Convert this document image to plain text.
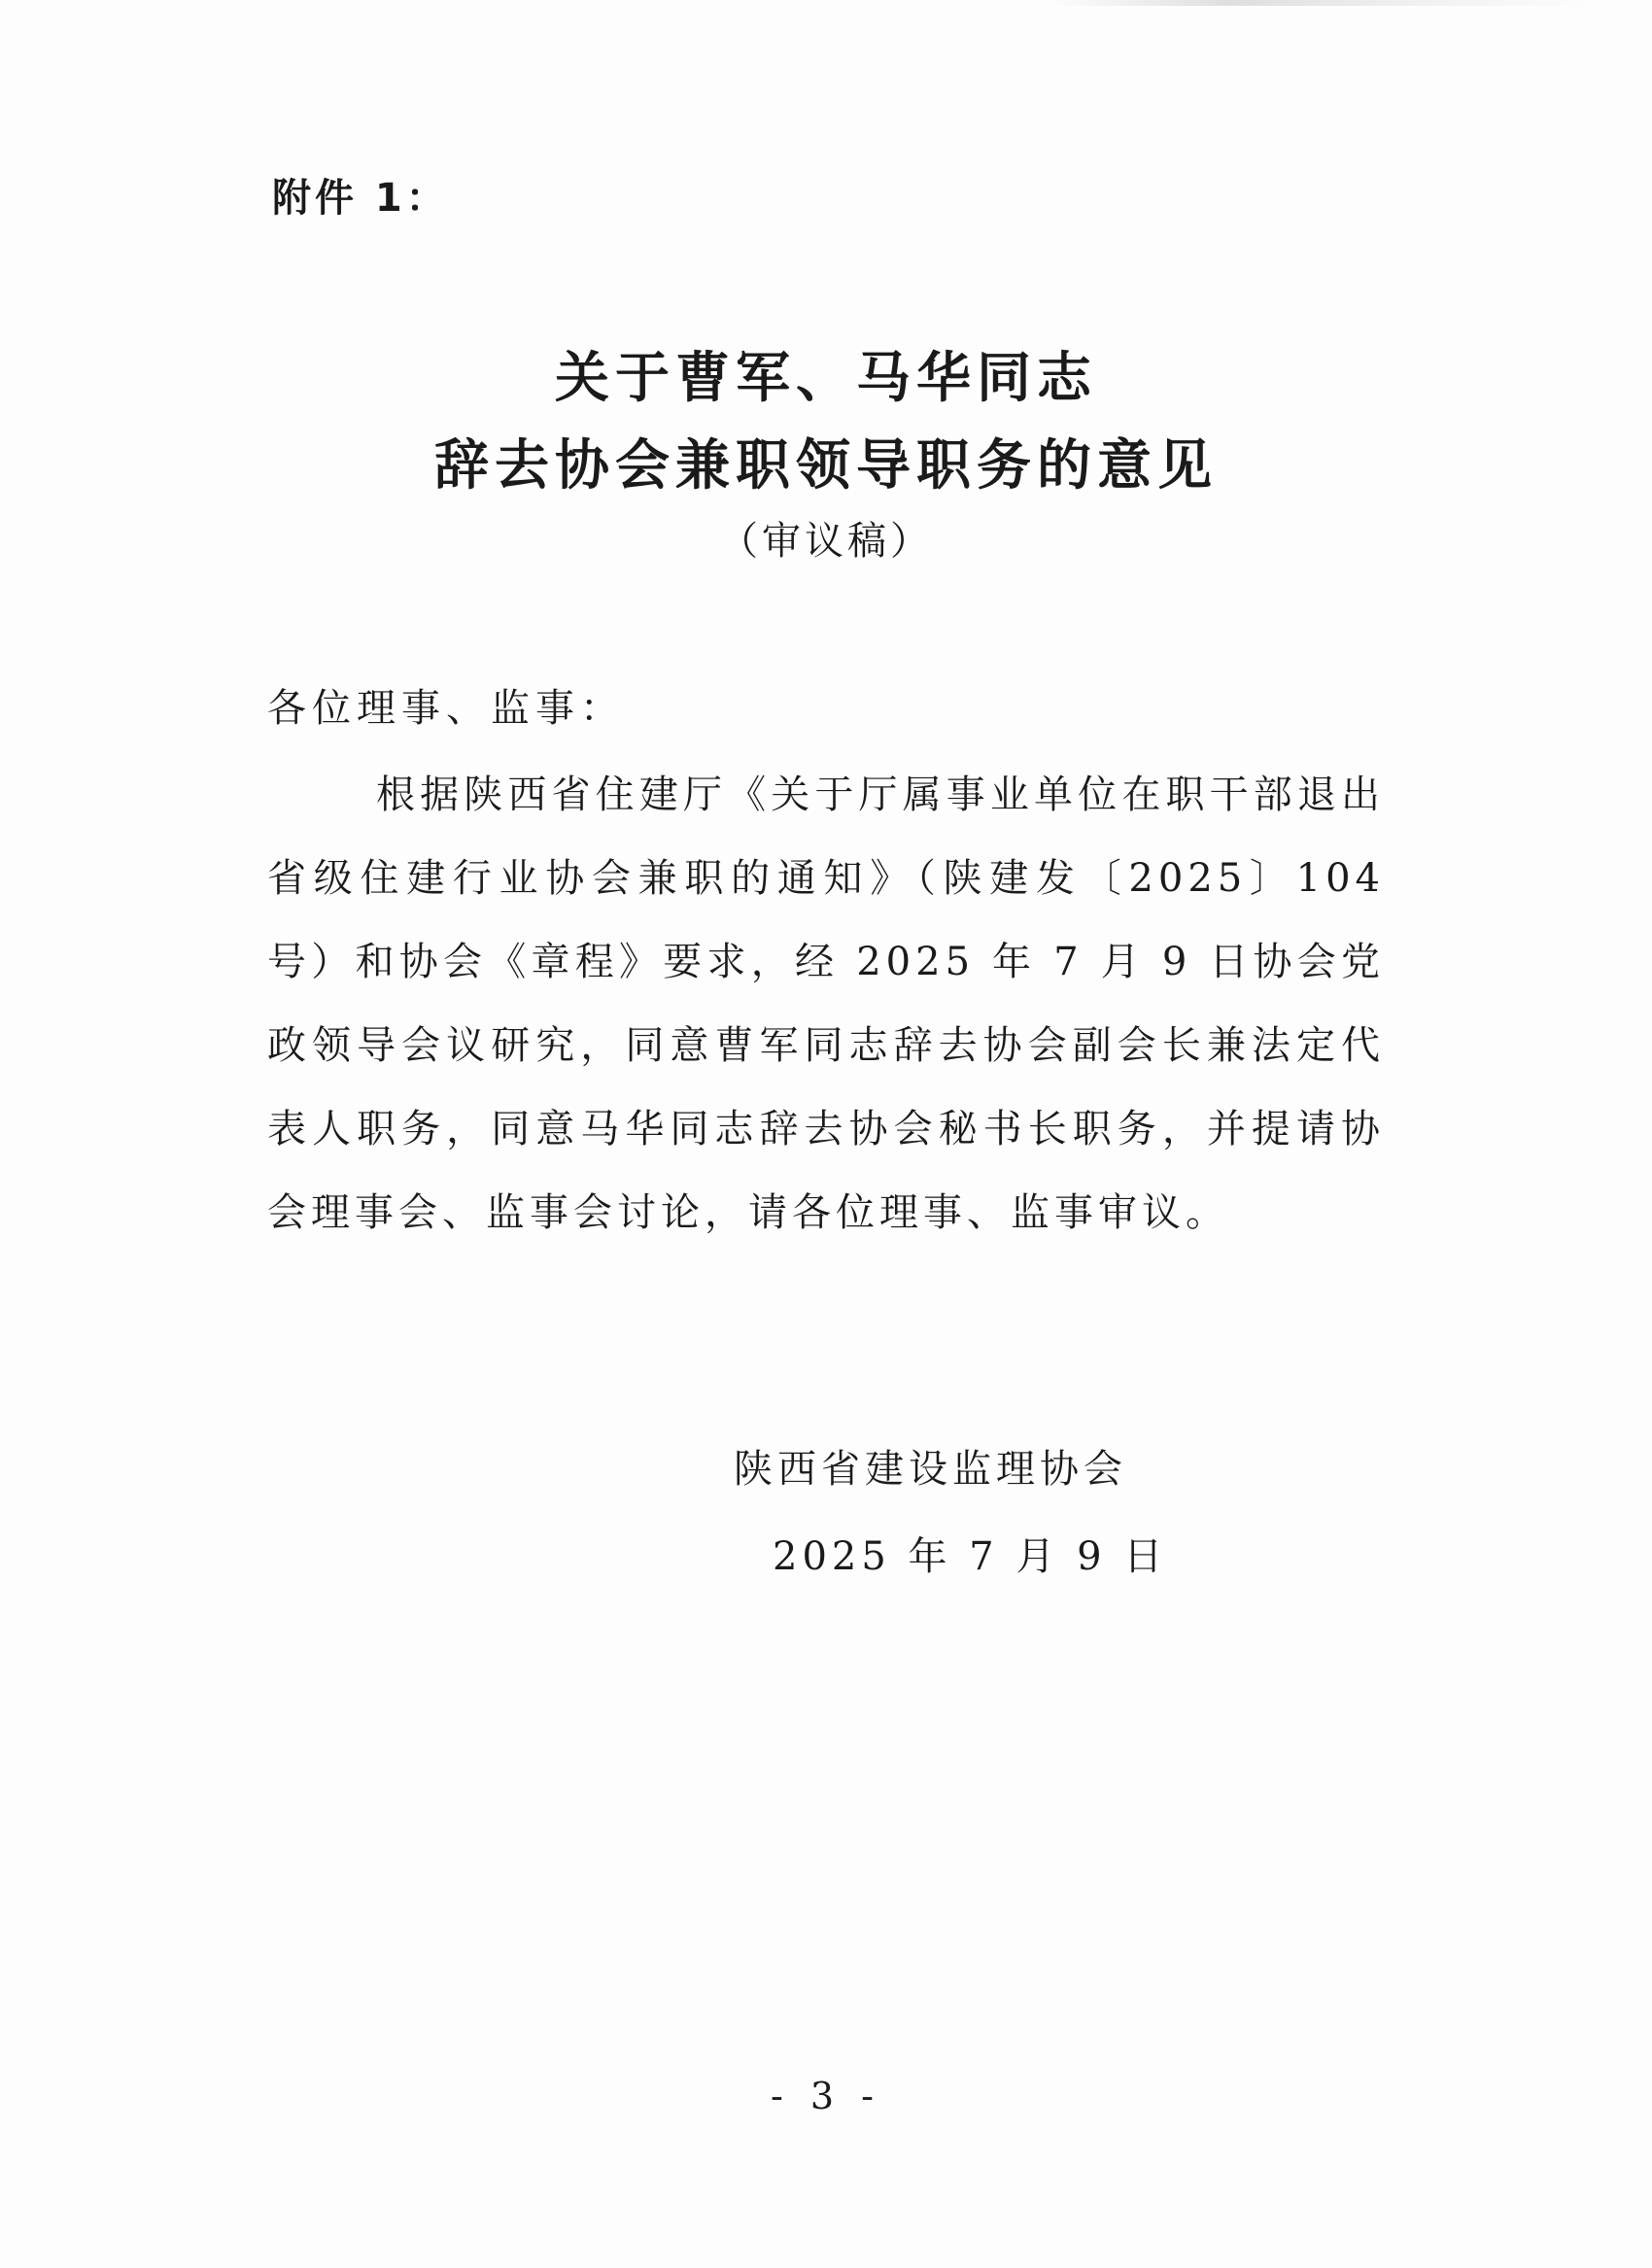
附件 1：
关于曹军、马华同志
辞去协会兼职领导职务的意见
（审议稿）
各位理事、监事：

根据陕西省住建厅《关于厅属事业单位在职干部退出省级住建行业协会兼职的通知》（陕建发〔2025〕104 号）和协会《章程》要求，经 2025 年 7 月 9 日协会党政领导会议研究，同意曹军同志辞去协会副会长兼法定代表人职务，同意马华同志辞去协会秘书长职务，并提请协会理事会、监事会讨论，请各位理事、监事审议。

陕西省建设监理协会
2025 年 7 月 9 日
- 3 -
